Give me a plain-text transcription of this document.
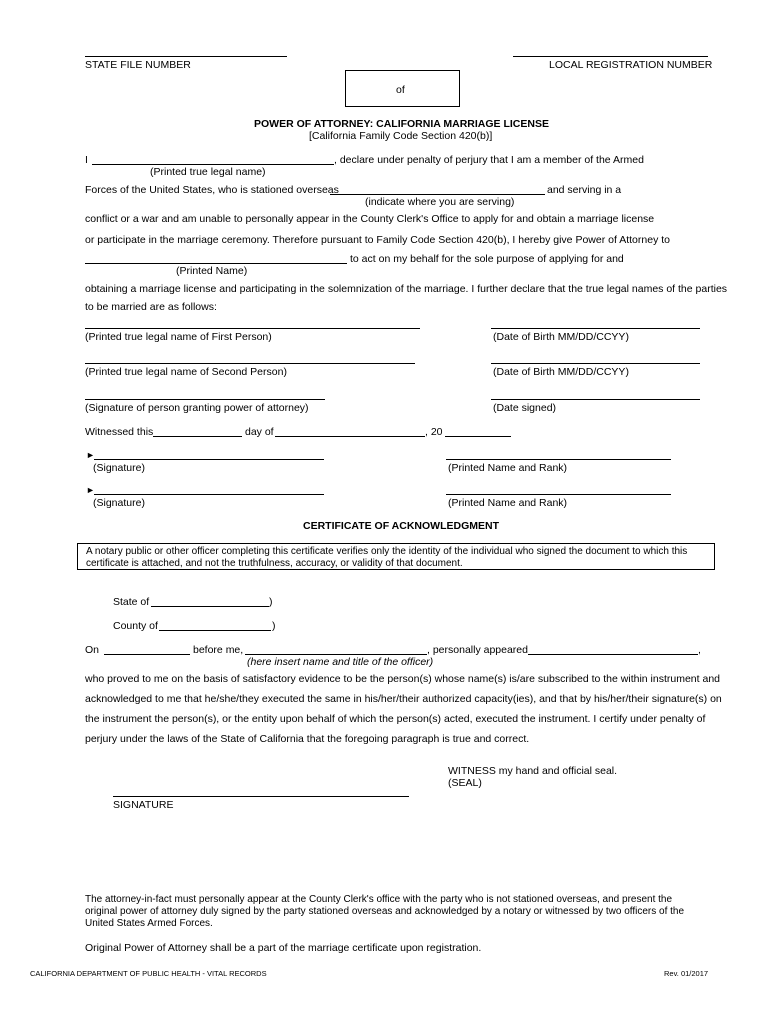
STATE FILE NUMBER	LOCAL REGISTRATION NUMBER
of
POWER OF ATTORNEY: CALIFORNIA MARRIAGE LICENSE
[California Family Code Section 420(b)]
I	, declare under penalty of perjury that I am a member of the Armed
(Printed true legal name)
Forces of the United States, who is stationed overseas	and serving in a
(indicate where you are serving)
conflict or a war and am unable to personally appear in the County Clerk's Office to apply for and obtain a marriage license
or participate in the marriage ceremony. Therefore pursuant to Family Code Section 420(b), I hereby give Power of Attorney to
to act on my behalf for the sole purpose of applying for and
(Printed Name)
obtaining a marriage license and participating in the solemnization of the marriage. I further declare that the true legal names of the parties
to be married are as follows:
(Printed true legal name of First Person)	(Date of Birth MM/DD/CCYY)
(Printed true legal name of Second Person)	(Date of Birth MM/DD/CCYY)
(Signature of person granting power of attorney)	(Date signed)
Witnessed this	day of	, 20
►
(Signature)	(Printed Name and Rank)
►
(Signature)	(Printed Name and Rank)
CERTIFICATE OF ACKNOWLEDGMENT
A notary public or other officer completing this certificate verifies only the identity of the individual who signed the document to which this certificate is attached, and not the truthfulness, accuracy, or validity of that document.
State of	)
County of	)
On	before me,	, personally appeared	,
(here insert name and title of the officer)
who proved to me on the basis of satisfactory evidence to be the person(s) whose name(s) is/are subscribed to the within instrument and
acknowledged to me that he/she/they executed the same in his/her/their authorized capacity(ies), and that by his/her/their signature(s) on
the instrument the person(s), or the entity upon behalf of which the person(s) acted, executed the instrument. I certify under penalty of
perjury under the laws of the State of California that the foregoing paragraph is true and correct.
WITNESS my hand and official seal.
(SEAL)
SIGNATURE
The attorney-in-fact must personally appear at the County Clerk's office with the party who is not stationed overseas, and present the original power of attorney duly signed by the party stationed overseas and acknowledged by a notary or witnessed by two officers of the United States Armed Forces.
Original Power of Attorney shall be a part of the marriage certificate upon registration.
CALIFORNIA DEPARTMENT OF PUBLIC HEALTH - VITAL RECORDS	Rev. 01/2017
